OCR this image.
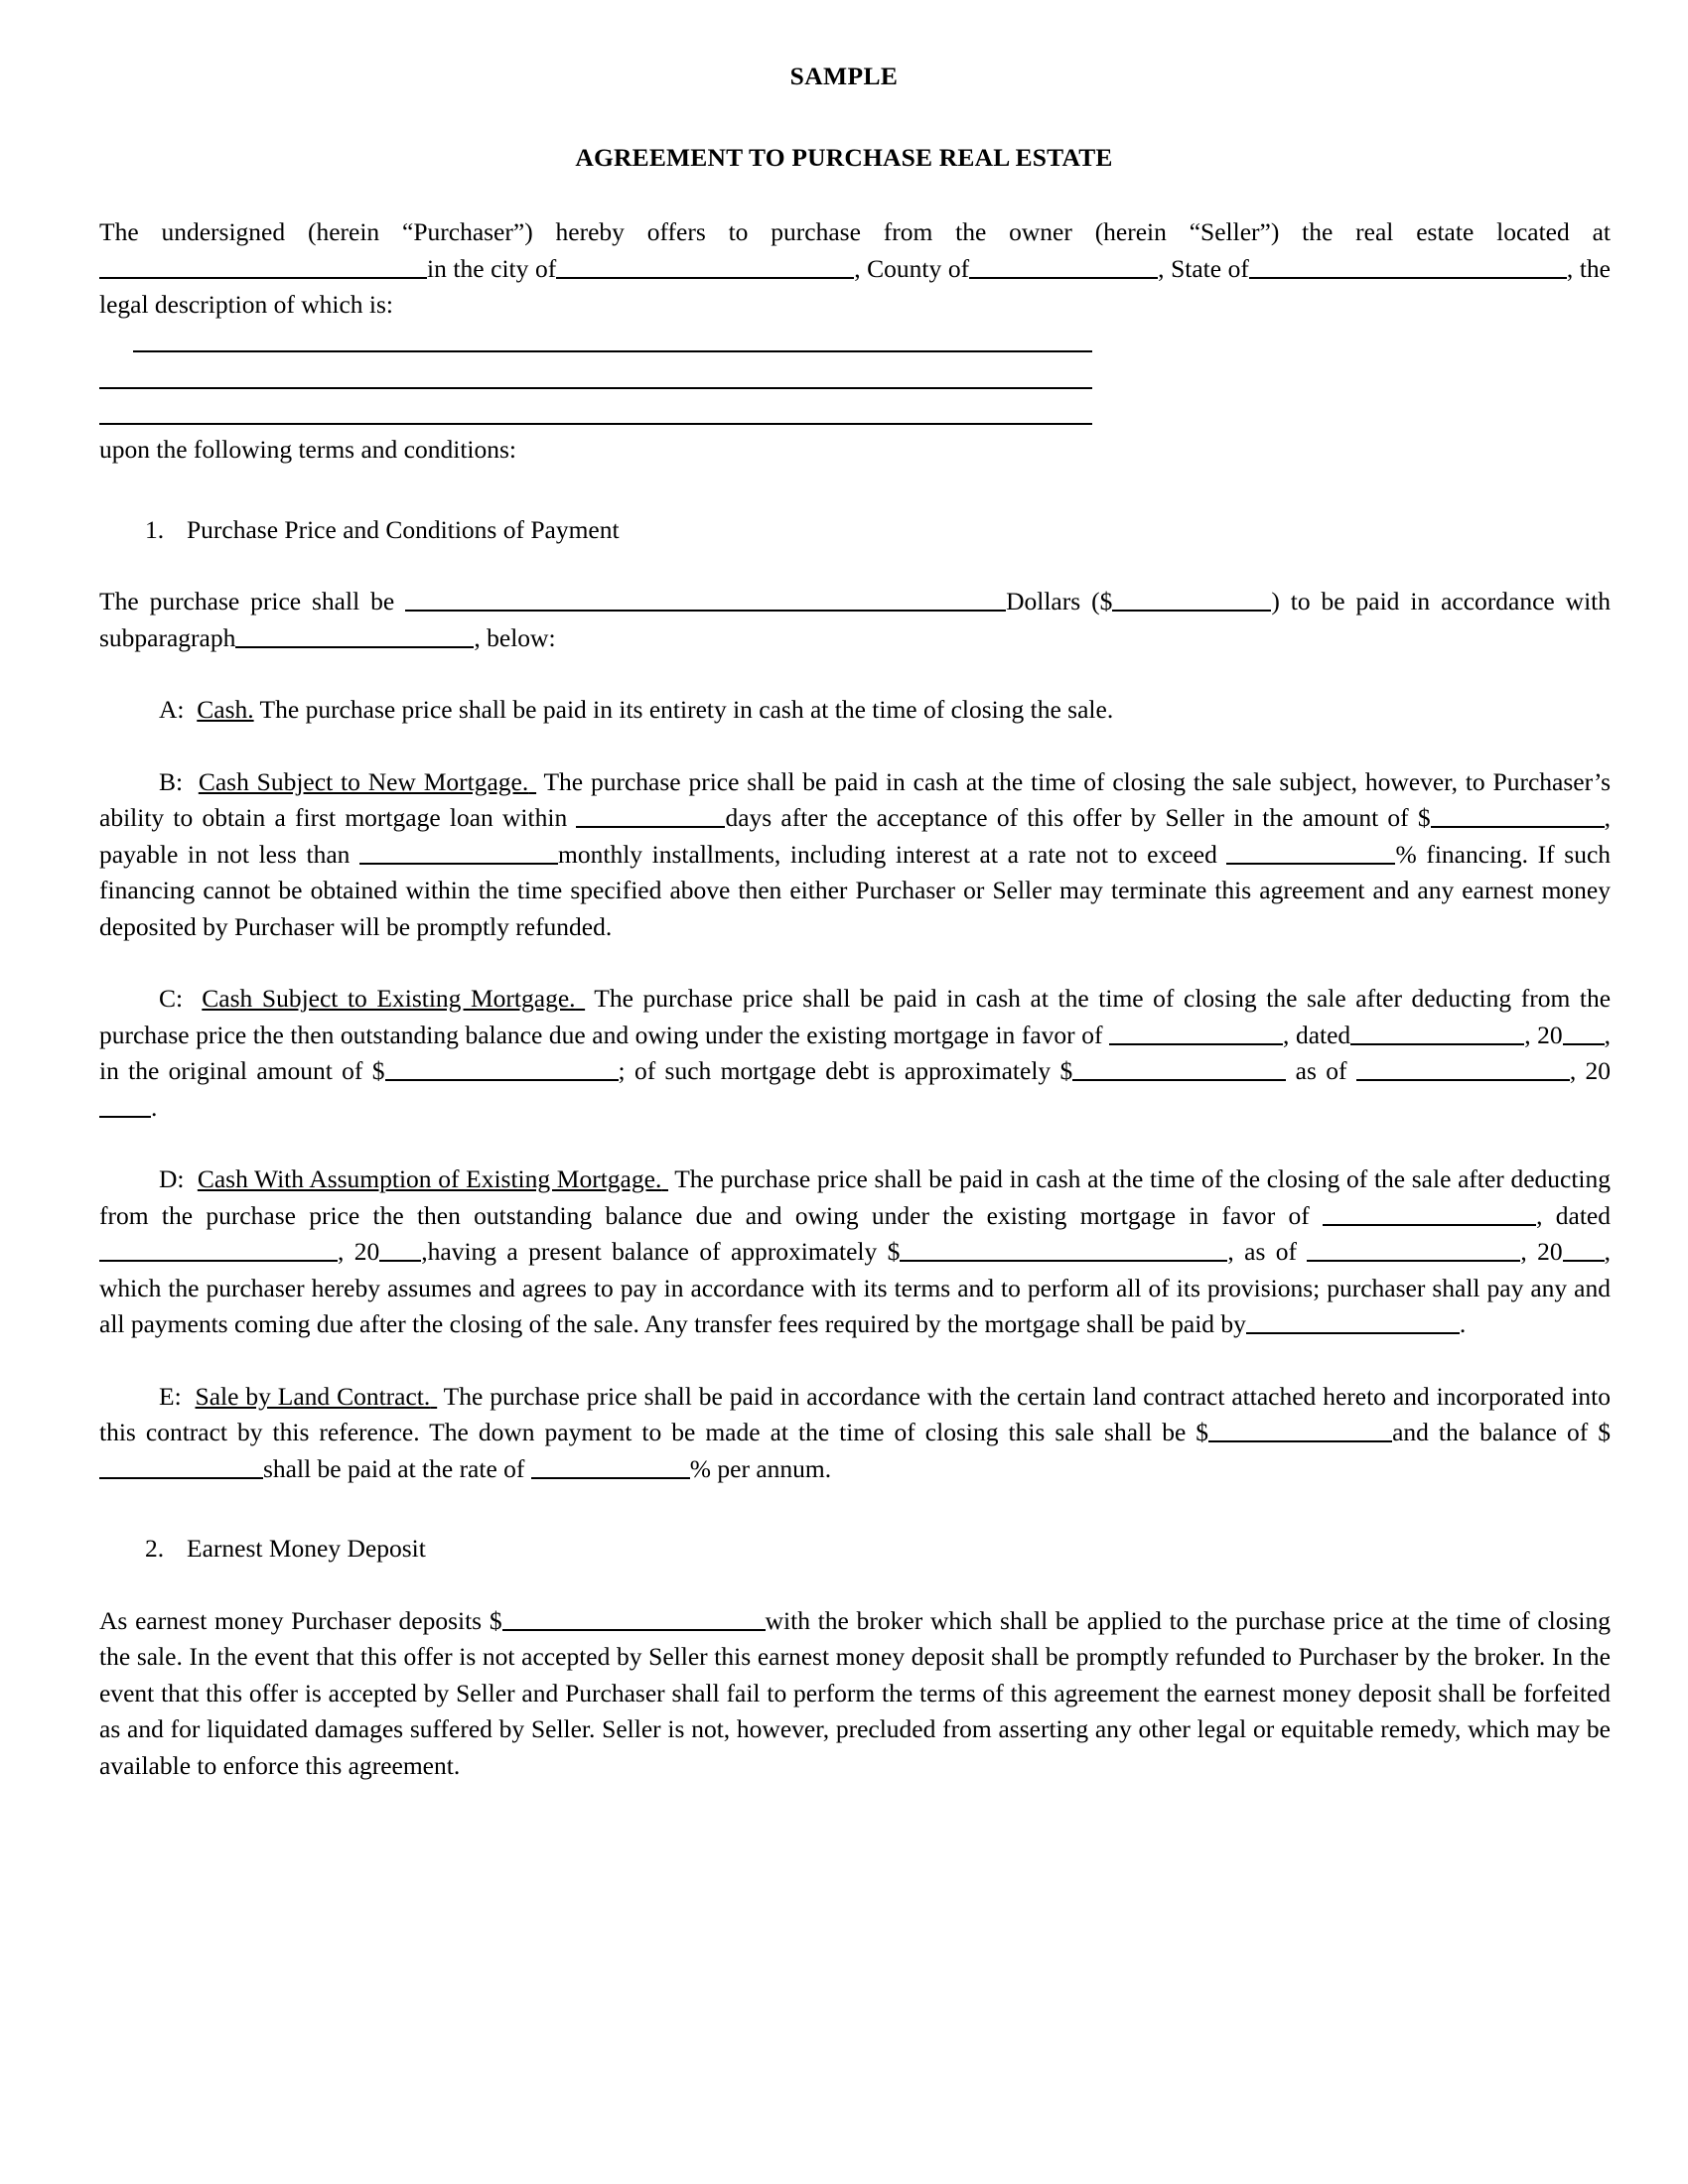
SAMPLE
AGREEMENT TO PURCHASE REAL ESTATE

The undersigned (herein “Purchaser”) hereby offers to purchase from the owner (herein “Seller”) the real estate located at in the city of	, County of	, State of	, the legal description of which is:

upon the following terms and conditions:

1. Purchase Price and Conditions of Payment

The purchase price shall be	Dollars ($	) to be paid in accordance with subparagraph	, below:

A: Cash. The purchase price shall be paid in its entirety in cash at the time of closing the sale.

B: Cash Subject to New Mortgage. The purchase price shall be paid in cash at the time of closing the sale subject, however, to Purchaser’s ability to obtain a first mortgage loan within	days after the acceptance of this offer by Seller in the amount of $	, payable in not less than	monthly installments, including interest at a rate not to exceed	% financing. If such financing cannot be obtained within the time specified above then either Purchaser or Seller may terminate this agreement and any earnest money deposited by Purchaser will be promptly refunded.

C: Cash Subject to Existing Mortgage. The purchase price shall be paid in cash at the time of closing the sale after deducting from the purchase price the then outstanding balance due and owing under the existing mortgage in favor of	, dated	, 20 , in the original amount of $	; of such mortgage debt is approximately $	as of	, 20.

D: Cash With Assumption of Existing Mortgage. The purchase price shall be paid in cash at the time of the closing of the sale after deducting from the purchase price the then outstanding balance due and owing under the existing mortgage in favor of	, dated, 20 ,having a present balance of approximately $	, as of	, 20 , which the purchaser hereby assumes and agrees to pay in accordance with its terms and to perform all of its provisions; purchaser shall pay any and all payments coming due after the closing of the sale. Any transfer fees required by the mortgage shall be paid by	.

E: Sale by Land Contract. The purchase price shall be paid in accordance with the certain land contract attached hereto and incorporated into this contract by this reference. The down payment to be made at the time of closing this sale shall be $	and the balance of $shall be paid at the rate of	% per annum.

2. Earnest Money Deposit

As earnest money Purchaser deposits $	with the broker which shall be applied to the purchase price at the time of closing the sale. In the event that this offer is not accepted by Seller this earnest money deposit shall be promptly refunded to Purchaser by the broker. In the event that this offer is accepted by Seller and Purchaser shall fail to perform the terms of this agreement the earnest money deposit shall be forfeited as and for liquidated damages suffered by Seller. Seller is not, however, precluded from asserting any other legal or equitable remedy, which may be available to enforce this agreement.
